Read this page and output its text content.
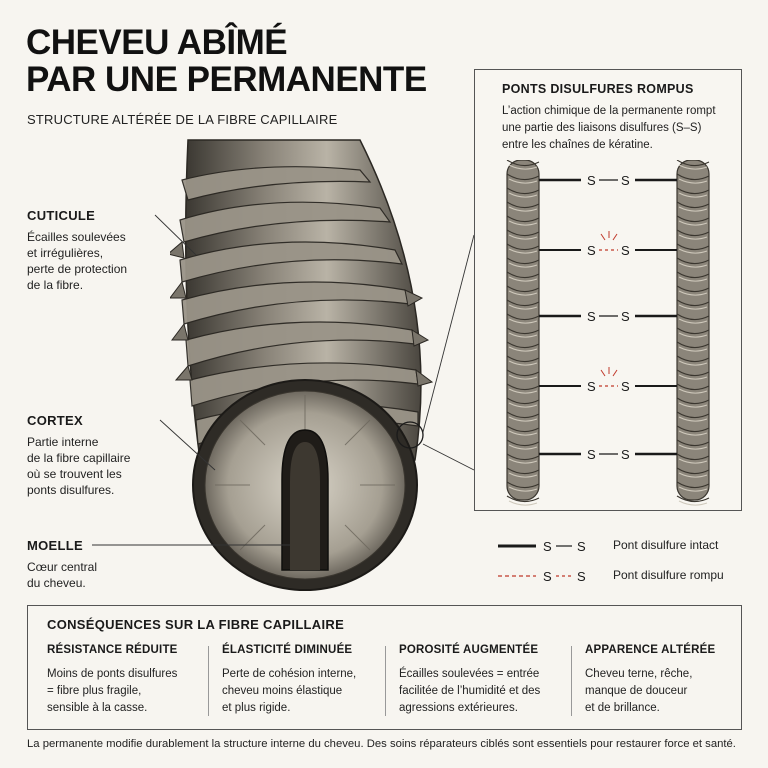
CHEVEU ABÎMÉ
PAR UNE PERMANENTE
STRUCTURE ALTÉRÉE DE LA FIBRE CAPILLAIRE
CUTICULE
Écailles soulevées
et irrégulières,
perte de protection
de la fibre.
CORTEX
Partie interne
de la fibre capillaire
où se trouvent les
ponts disulfures.
MOELLE
Cœur central
du cheveu.
PONTS DISULFURES ROMPUS
L’action chimique de la permanente rompt
une partie des liaisons disulfures (S–S)
entre les chaînes de kératine.
S S
S S
S S
S S
S S
S S Pont disulfure intact
S S Pont disulfure rompu
CONSÉQUENCES SUR LA FIBRE CAPILLAIRE
RÉSISTANCE RÉDUITE
Moins de ponts disulfures
= fibre plus fragile,
sensible à la casse.
ÉLASTICITÉ DIMINUÉE
Perte de cohésion interne,
cheveu moins élastique
et plus rigide.
POROSITÉ AUGMENTÉE
Écailles soulevées = entrée
facilitée de l’humidité et des
agressions extérieures.
APPARENCE ALTÉRÉE
Cheveu terne, rêche,
manque de douceur
et de brillance.
La permanente modifie durablement la structure interne du cheveu. Des soins réparateurs ciblés sont essentiels pour restaurer force et santé.
